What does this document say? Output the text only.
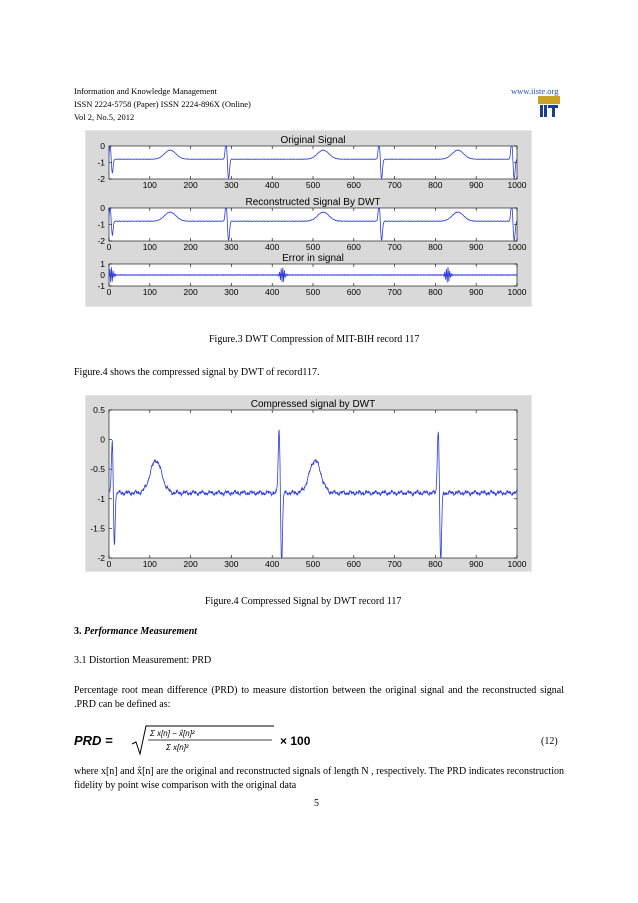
Information and Knowledge Management
ISSN 2224-5758 (Paper) ISSN 2224-896X (Online)
Vol 2, No.5, 2012
www.iiste.org
Original Signal
100	200	300	400	500	600	700	800	900	1000
0
-1
-2
Reconstructed Signal By DWT
0	100	200	300	400	500	600	700	800	900	1000
0
-1
-2
Error in signal
0	100	200	300	400	500	600	700	800	900	1000
1
0
-1
Figure.3 DWT Compression of MIT-BIH record 117
Figure.4 shows the compressed signal by DWT of record117.
Compressed signal by DWT
0	100	200	300	400	500	600	700	800	900	1000
0.5
0
-0.5
-1
-1.5
-2
Figure.4 Compressed Signal by DWT record 117
3. Performance Measurement
3.1 Distortion Measurement: PRD
Percentage root mean difference (PRD) to measure distortion between the original signal and the reconstructed signal .PRD can be defined as:
PRD =	Σ x[n] − x̂[n]²
Σ x[n]²	× 100	(12)
where x[n] and x̂[n] are the original and reconstructed signals of length N , respectively. The PRD indicates reconstruction fidelity by point wise comparison with the original data
5
